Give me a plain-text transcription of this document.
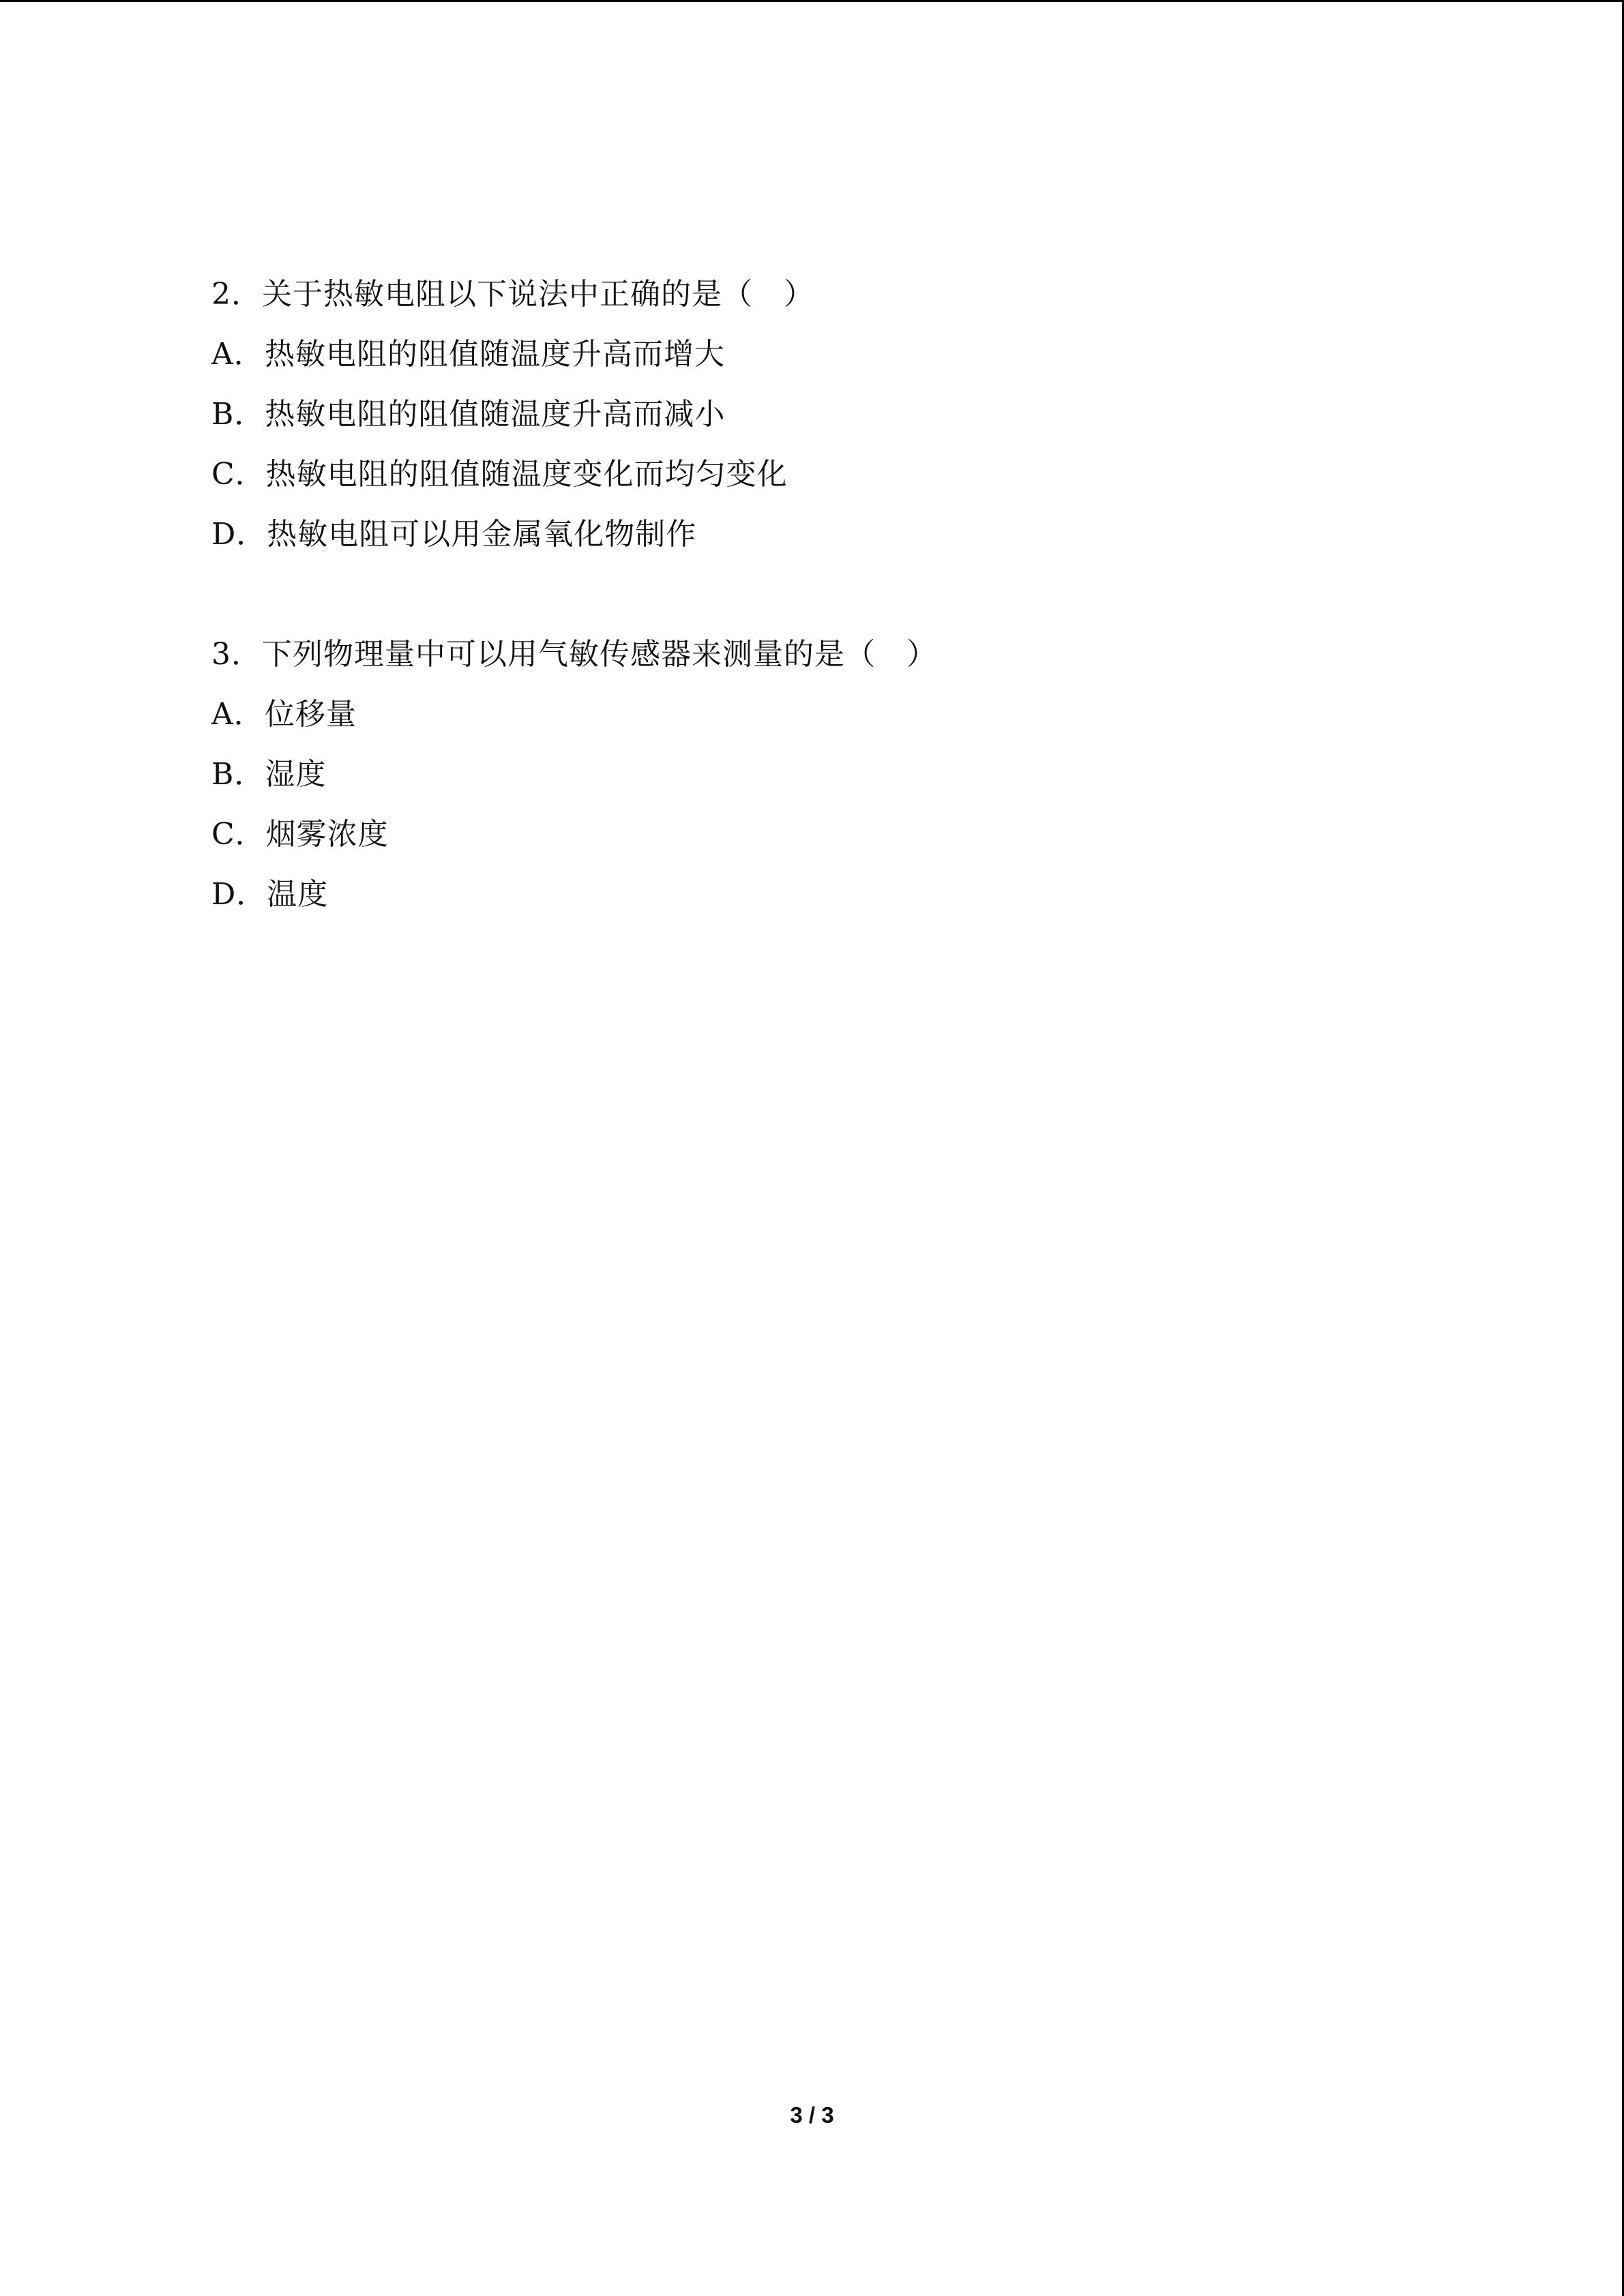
2．关于热敏电阻以下说法中正确的是（　）
A．热敏电阻的阻值随温度升高而增大
B．热敏电阻的阻值随温度升高而减小
C．热敏电阻的阻值随温度变化而均匀变化
D．热敏电阻可以用金属氧化物制作
3．下列物理量中可以用气敏传感器来测量的是（　）
A．位移量
B．湿度
C．烟雾浓度
D．温度
3 / 3
